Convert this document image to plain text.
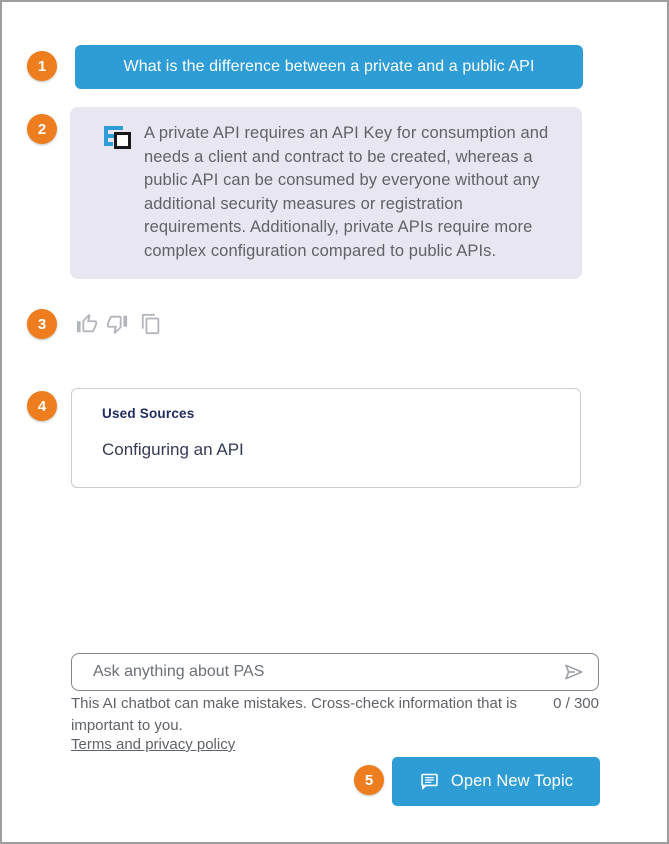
1
2
3
4
5
What is the difference between a private and a public API

A private API requires an API Key for consumption and needs a client and contract to be created, whereas a public API can be consumed by everyone without any additional security measures or registration requirements. Additionally, private APIs require more complex configuration compared to public APIs.

Used Sources
Configuring an API
Ask anything about PAS

This AI chatbot can make mistakes. Cross-check information that is important to you.

0 / 300
Terms and privacy policy
Open New Topic
